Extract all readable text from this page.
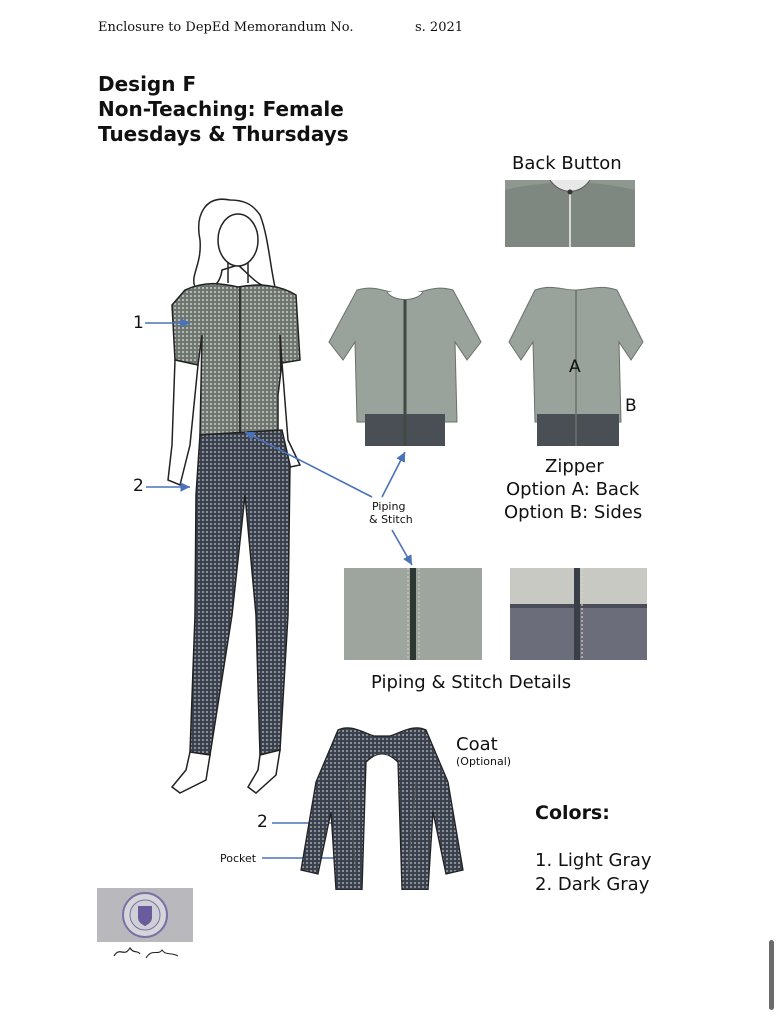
Enclosure to DepEd Memorandum No.	s. 2021
Design F
Non-Teaching: Female
Tuesdays & Thursdays
1
2
Back Button
A
B
Zipper
Option A: Back
Option B: Sides
Piping
& Stitch
Piping & Stitch Details
Coat
(Optional)
2
Pocket
Colors:
1. Light Gray
2. Dark Gray
